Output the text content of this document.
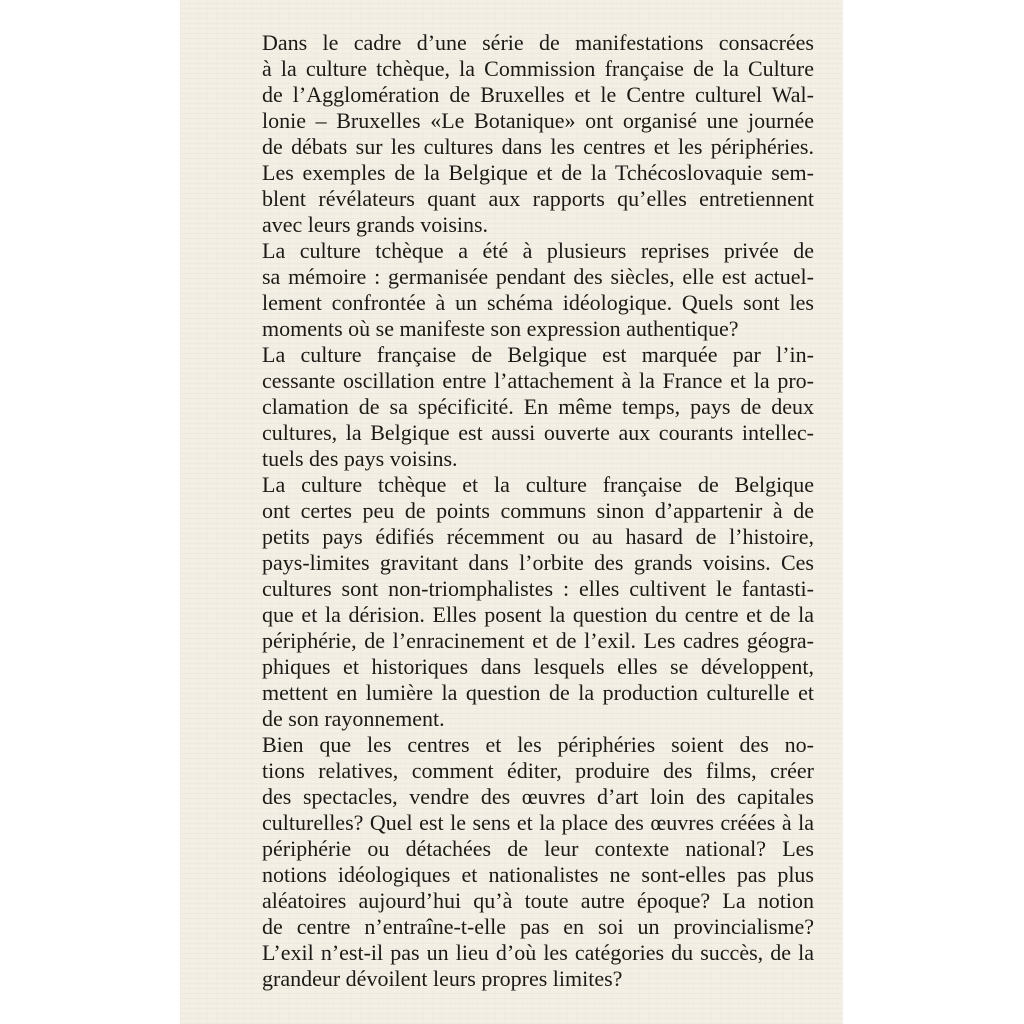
Dans le cadre d’une série de manifestations consacrées
à la culture tchèque, la Commission française de la Culture
de l’Agglomération de Bruxelles et le Centre culturel Wal-
lonie – Bruxelles «Le Botanique» ont organisé une journée
de débats sur les cultures dans les centres et les périphéries.
Les exemples de la Belgique et de la Tchécoslovaquie sem-
blent révélateurs quant aux rapports qu’elles entretiennent
avec leurs grands voisins.

La culture tchèque a été à plusieurs reprises privée de
sa mémoire : germanisée pendant des siècles, elle est actuel-
lement confrontée à un schéma idéologique. Quels sont les
moments où se manifeste son expression authentique?

La culture française de Belgique est marquée par l’in-
cessante oscillation entre l’attachement à la France et la pro-
clamation de sa spécificité. En même temps, pays de deux
cultures, la Belgique est aussi ouverte aux courants intellec-
tuels des pays voisins.

La culture tchèque et la culture française de Belgique
ont certes peu de points communs sinon d’appartenir à de
petits pays édifiés récemment ou au hasard de l’histoire,
pays-limites gravitant dans l’orbite des grands voisins. Ces
cultures sont non-triomphalistes : elles cultivent le fantasti-
que et la dérision. Elles posent la question du centre et de la
périphérie, de l’enracinement et de l’exil. Les cadres géogra-
phiques et historiques dans lesquels elles se développent,
mettent en lumière la question de la production culturelle et
de son rayonnement.

Bien que les centres et les périphéries soient des no-
tions relatives, comment éditer, produire des films, créer
des spectacles, vendre des œuvres d’art loin des capitales
culturelles? Quel est le sens et la place des œuvres créées à la
périphérie ou détachées de leur contexte national? Les
notions idéologiques et nationalistes ne sont-elles pas plus
aléatoires aujourd’hui qu’à toute autre époque? La notion
de centre n’entraîne-t-elle pas en soi un provincialisme?
L’exil n’est-il pas un lieu d’où les catégories du succès, de la
grandeur dévoilent leurs propres limites?
